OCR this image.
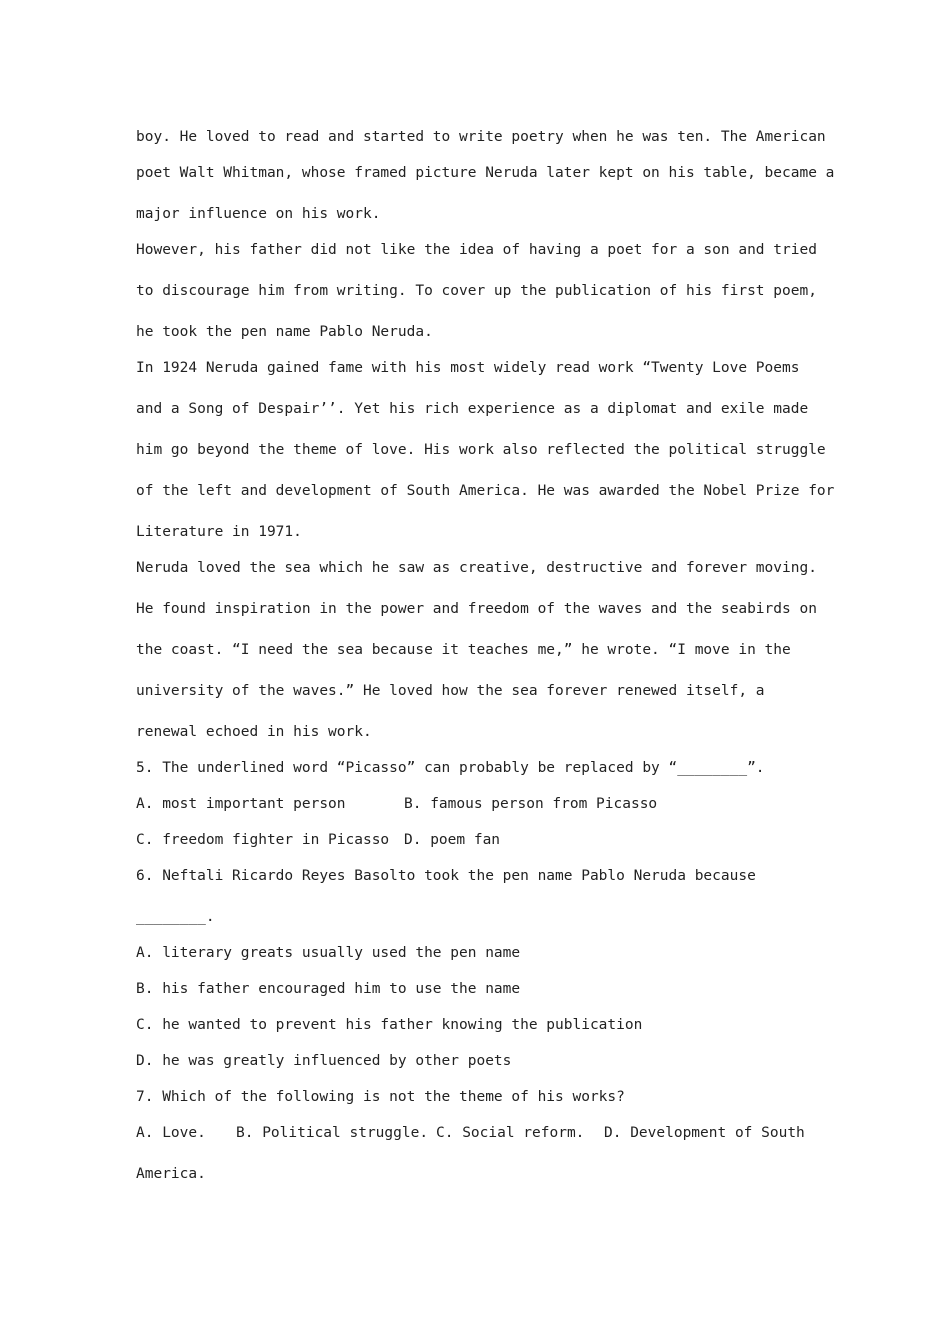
boy. He loved to read and started to write poetry when he was ten. The American
poet Walt Whitman, whose framed picture Neruda later kept on his table, became a
major influence on his work.
However, his father did not like the idea of having a poet for a son and tried
to discourage him from writing. To cover up the publication of his first poem,
he took the pen name Pablo Neruda.
In 1924 Neruda gained fame with his most widely read work “Twenty Love Poems
and a Song of Despair’’. Yet his rich experience as a diplomat and exile made
him go beyond the theme of love. His work also reflected the political struggle
of the left and development of South America. He was awarded the Nobel Prize for
Literature in 1971.
Neruda loved the sea which he saw as creative, destructive and forever moving.
He found inspiration in the power and freedom of the waves and the seabirds on
the coast. “I need the sea because it teaches me,” he wrote. “I move in the
university of the waves.” He loved how the sea forever renewed itself, a
renewal echoed in his work.
5. The underlined word “Picasso” can probably be replaced by “________”.
A. most important person	B. famous person from Picasso
C. freedom fighter in Picasso	D. poem fan
6. Neftali Ricardo Reyes Basolto took the pen name Pablo Neruda because
________.
A. literary greats usually used the pen name
B. his father encouraged him to use the name
C. he wanted to prevent his father knowing the publication
D. he was greatly influenced by other poets
7. Which of the following is not the theme of his works?
A. Love.	B. Political struggle. C. Social reform.	D. Development of South
America.
